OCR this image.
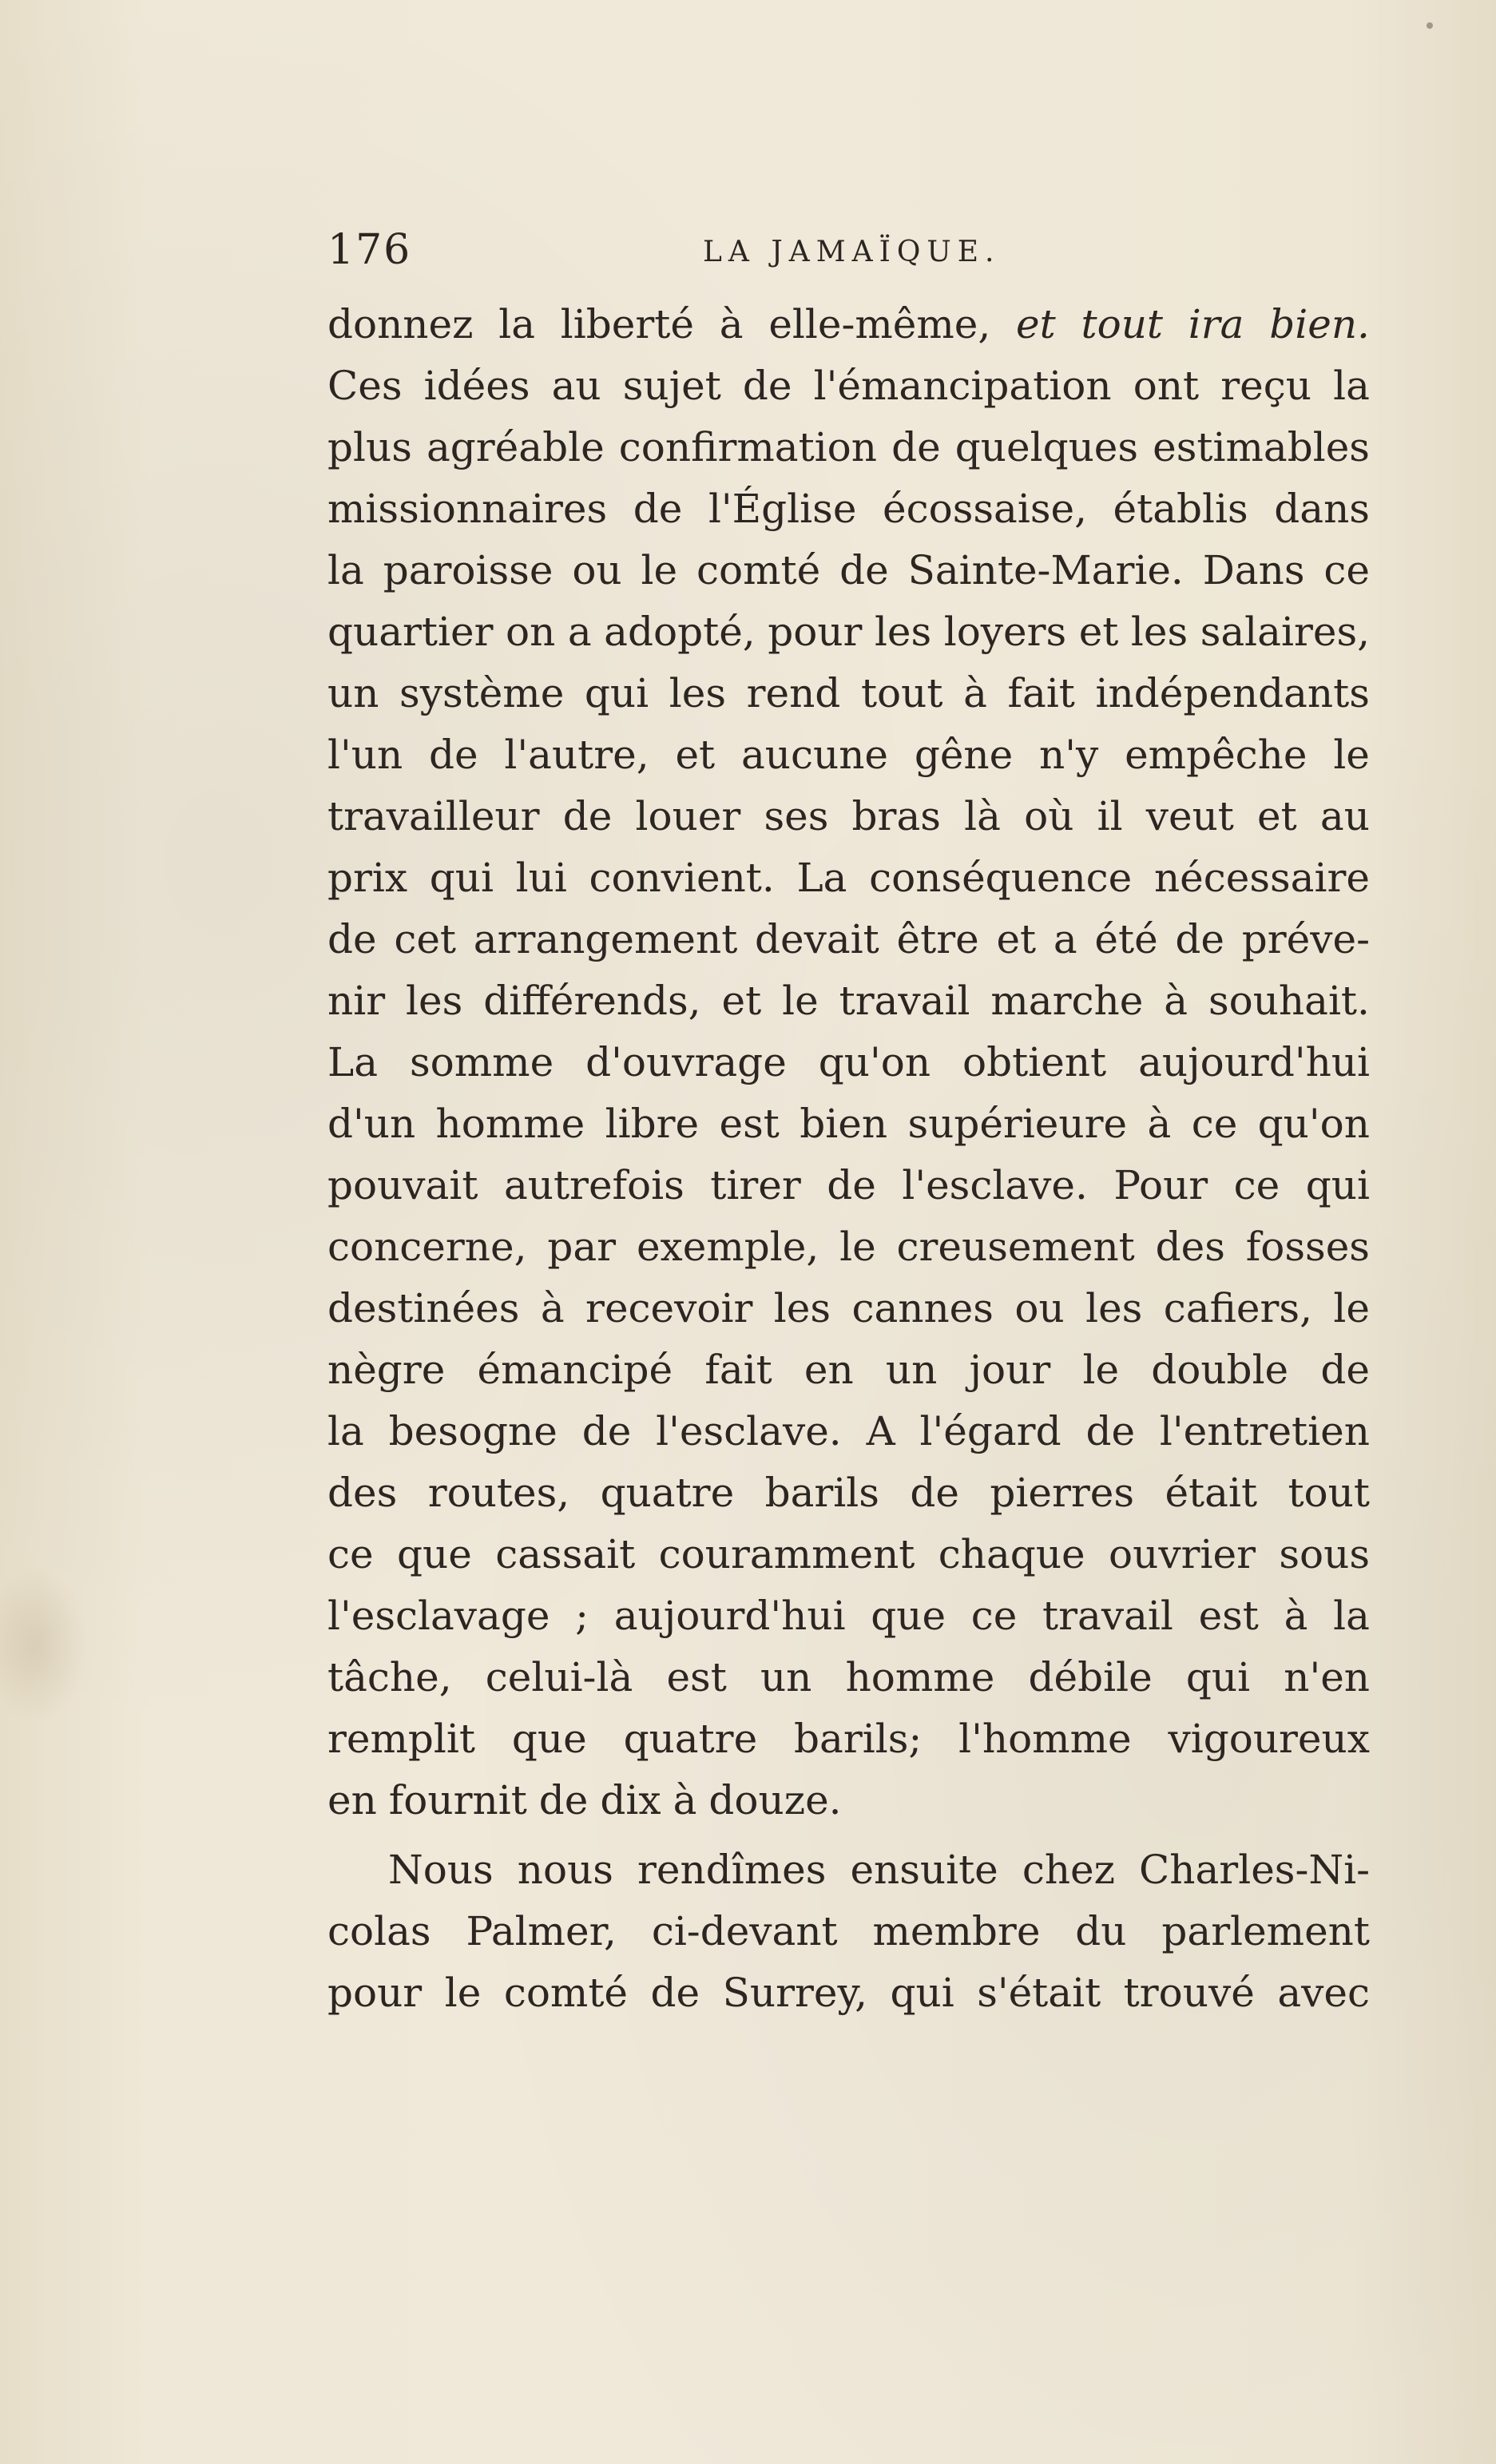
176	LA JAMAÏQUE.
donnez la liberté à elle-même, et tout ira bien.
Ces idées au sujet de l'émancipation ont reçu la
plus agréable confirmation de quelques estimables
missionnaires de l'Église écossaise, établis dans
la paroisse ou le comté de Sainte-Marie. Dans ce
quartier on a adopté, pour les loyers et les salaires,
un système qui les rend tout à fait indépendants
l'un de l'autre, et aucune gêne n'y empêche le
travailleur de louer ses bras là où il veut et au
prix qui lui convient. La conséquence nécessaire
de cet arrangement devait être et a été de préve-
nir les différends, et le travail marche à souhait.
La somme d'ouvrage qu'on obtient aujourd'hui
d'un homme libre est bien supérieure à ce qu'on
pouvait autrefois tirer de l'esclave. Pour ce qui
concerne, par exemple, le creusement des fosses
destinées à recevoir les cannes ou les cafiers, le
nègre émancipé fait en un jour le double de
la besogne de l'esclave. A l'égard de l'entretien
des routes, quatre barils de pierres était tout
ce que cassait couramment chaque ouvrier sous
l'esclavage ; aujourd'hui que ce travail est à la
tâche, celui-là est un homme débile qui n'en
remplit que quatre barils; l'homme vigoureux
en fournit de dix à douze.
Nous nous rendîmes ensuite chez Charles-Ni-
colas Palmer, ci-devant membre du parlement
pour le comté de Surrey, qui s'était trouvé avec
